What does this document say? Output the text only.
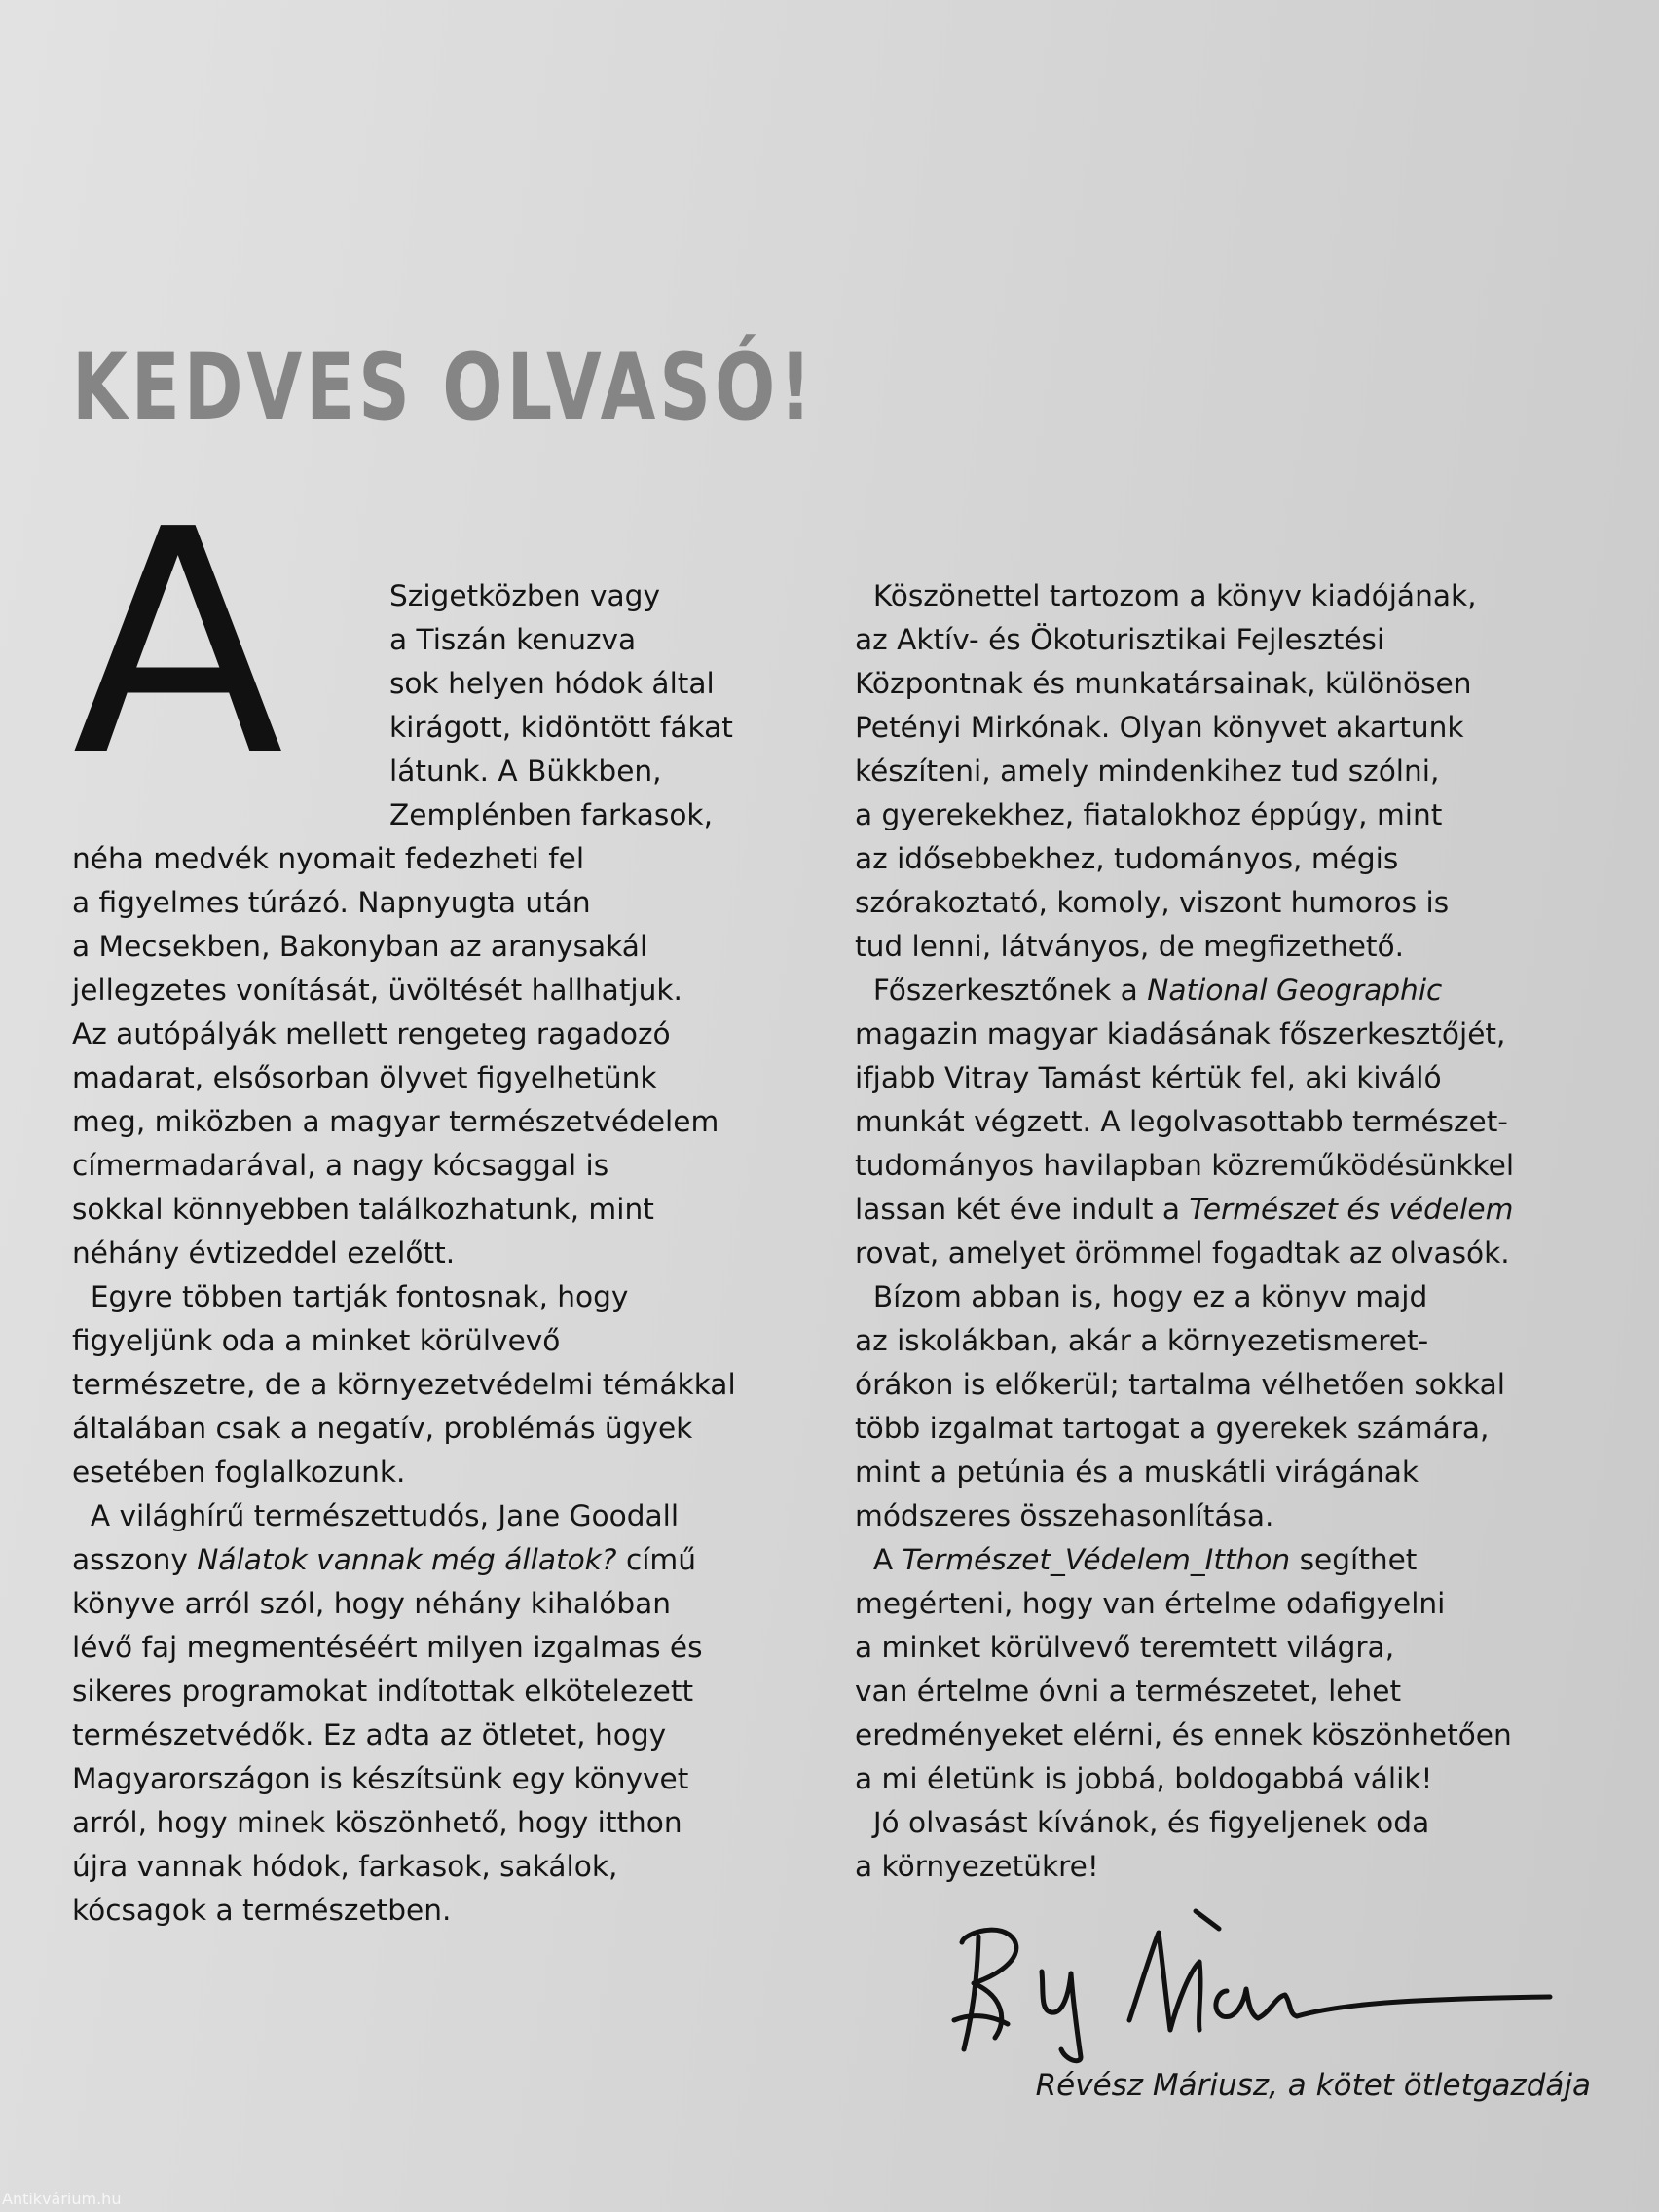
KEDVES OLVASÓ!
A	Szigetközben vagy

a Tiszán kenuzva

sok helyen hódok által

kirágott, kidöntött fákat

látunk. A Bükkben,

Zemplénben farkasok,

néha medvék nyomait fedezheti fel

a figyelmes túrázó. Napnyugta után

a Mecsekben, Bakonyban az aranysakál

jellegzetes vonítását, üvöltését hallhatjuk.

Az autópályák mellett rengeteg ragadozó

madarat, elsősorban ölyvet figyelhetünk

meg, miközben a magyar természetvédelem

címermadarával, a nagy kócsaggal is

sokkal könnyebben találkozhatunk, mint

néhány évtizeddel ezelőtt.

Egyre többen tartják fontosnak, hogy

figyeljünk oda a minket körülvevő

természetre, de a környezetvédelmi témákkal

általában csak a negatív, problémás ügyek

esetében foglalkozunk.

A világhírű természettudós, Jane Goodall

asszony Nálatok vannak még állatok? című

könyve arról szól, hogy néhány kihalóban

lévő faj megmentéséért milyen izgalmas és

sikeres programokat indítottak elkötelezett

természetvédők. Ez adta az ötletet, hogy

Magyarországon is készítsünk egy könyvet

arról, hogy minek köszönhető, hogy itthon

újra vannak hódok, farkasok, sakálok,

kócsagok a természetben.

Köszönettel tartozom a könyv kiadójának,

az Aktív- és Ökoturisztikai Fejlesztési

Központnak és munkatársainak, különösen

Petényi Mirkónak. Olyan könyvet akartunk

készíteni, amely mindenkihez tud szólni,

a gyerekekhez, fiatalokhoz éppúgy, mint

az idősebbekhez, tudományos, mégis

szórakoztató, komoly, viszont humoros is

tud lenni, látványos, de megfizethető.

Főszerkesztőnek a National Geographic

magazin magyar kiadásának főszerkesztőjét,

ifjabb Vitray Tamást kértük fel, aki kiváló

munkát végzett. A legolvasottabb természet-

tudományos havilapban közreműködésünkkel

lassan két éve indult a Természet és védelem

rovat, amelyet örömmel fogadtak az olvasók.

Bízom abban is, hogy ez a könyv majd

az iskolákban, akár a környezetismeret-

órákon is előkerül; tartalma vélhetően sokkal

több izgalmat tartogat a gyerekek számára,

mint a petúnia és a muskátli virágának

módszeres összehasonlítása.

A Természet_Védelem_Itthon segíthet

megérteni, hogy van értelme odafigyelni

a minket körülvevő teremtett világra,

van értelme óvni a természetet, lehet

eredményeket elérni, és ennek köszönhetően

a mi életünk is jobbá, boldogabbá válik!

Jó olvasást kívánok, és figyeljenek oda

a környezetükre!

Révész Máriusz, a kötet ötletgazdája
Antikvárium.hu
